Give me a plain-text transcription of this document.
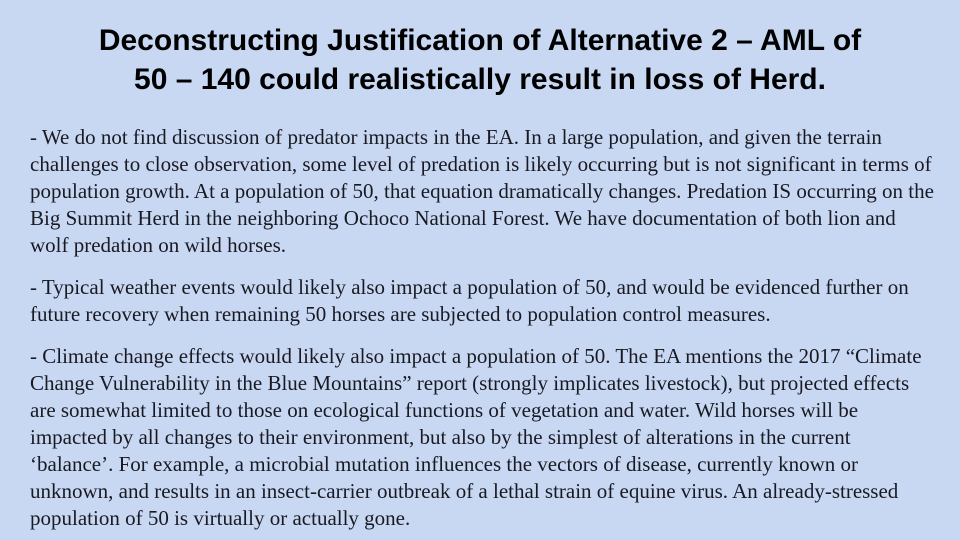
Deconstructing Justification of Alternative 2 – AML of
50 – 140 could realistically result in loss of Herd.

- We do not find discussion of predator impacts in the EA. In a large population, and given the terrain challenges to close observation, some level of predation is likely occurring but is not significant in terms of population growth. At a population of 50, that equation dramatically changes. Predation IS occurring on the Big Summit Herd in the neighboring Ochoco National Forest. We have documentation of both lion and wolf predation on wild horses.

- Typical weather events would likely also impact a population of 50, and would be evidenced further on future recovery when remaining 50 horses are subjected to population control measures.

- Climate change effects would likely also impact a population of 50. The EA mentions the 2017 “Climate Change Vulnerability in the Blue Mountains” report (strongly implicates livestock), but projected effects are somewhat limited to those on ecological functions of vegetation and water. Wild horses will be impacted by all changes to their environment, but also by the simplest of alterations in the current ‘balance’. For example, a microbial mutation influences the vectors of disease, currently known or unknown, and results in an insect-carrier outbreak of a lethal strain of equine virus. An already-stressed population of 50 is virtually or actually gone.
